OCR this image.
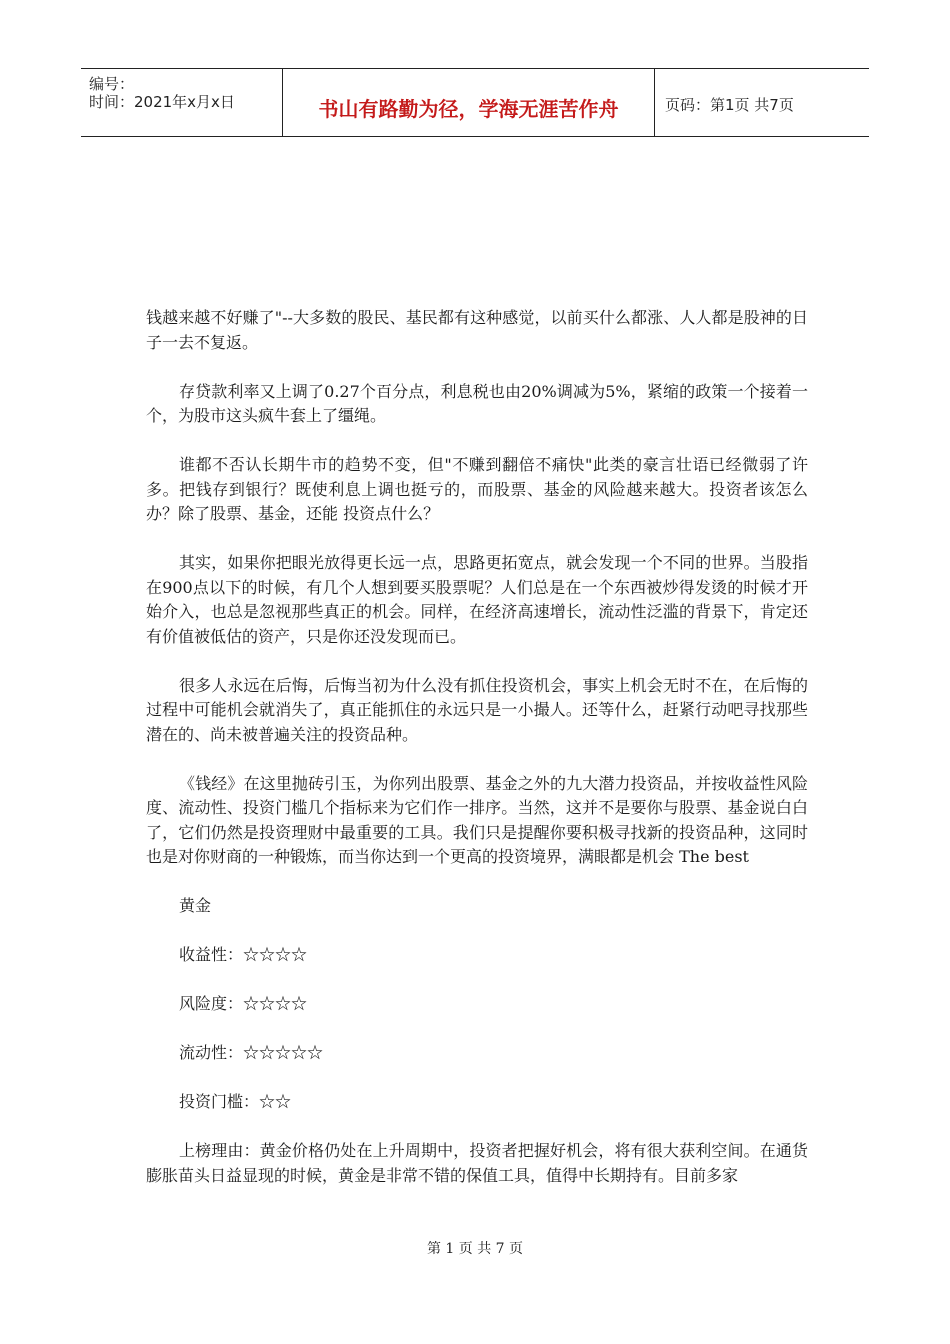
编号：
时间：2021年x月x日	书山有路勤为径，学海无涯苦作舟	页码：第1页 共7页

钱越来越不好赚了"--大多数的股民、基民都有这种感觉，以前买什么都涨、人人都是股神的日子一去不复返。

存贷款利率又上调了0.27个百分点，利息税也由20%调减为5%，紧缩的政策一个接着一个，为股市这头疯牛套上了缰绳。

谁都不否认长期牛市的趋势不变，但"不赚到翻倍不痛快"此类的豪言壮语已经微弱了许多。把钱存到银行？既使利息上调也挺亏的，而股票、基金的风险越来越大。投资者该怎么办？除了股票、基金，还能 投资点什么？

其实，如果你把眼光放得更长远一点，思路更拓宽点，就会发现一个不同的世界。当股指在900点以下的时候，有几个人想到要买股票呢？人们总是在一个东西被炒得发烫的时候才开始介入，也总是忽视那些真正的机会。同样，在经济高速增长，流动性泛滥的背景下，肯定还有价值被低估的资产，只是你还没发现而已。

很多人永远在后悔，后悔当初为什么没有抓住投资机会，事实上机会无时不在，在后悔的过程中可能机会就消失了，真正能抓住的永远只是一小撮人。还等什么，赶紧行动吧寻找那些潜在的、尚未被普遍关注的投资品种。

《钱经》在这里抛砖引玉，为你列出股票、基金之外的九大潜力投资品，并按收益性风险度、流动性、投资门槛几个指标来为它们作一排序。当然，这并不是要你与股票、基金说白白了，它们仍然是投资理财中最重要的工具。我们只是提醒你要积极寻找新的投资品种，这同时也是对你财商的一种锻炼，而当你达到一个更高的投资境界，满眼都是机会 The best

黄金

收益性：☆☆☆☆

风险度：☆☆☆☆

流动性：☆☆☆☆☆

投资门槛：☆☆

上榜理由：黄金价格仍处在上升周期中，投资者把握好机会，将有很大获利空间。在通货膨胀苗头日益显现的时候，黄金是非常不错的保值工具，值得中长期持有。目前多家

第 1 页 共 7 页
